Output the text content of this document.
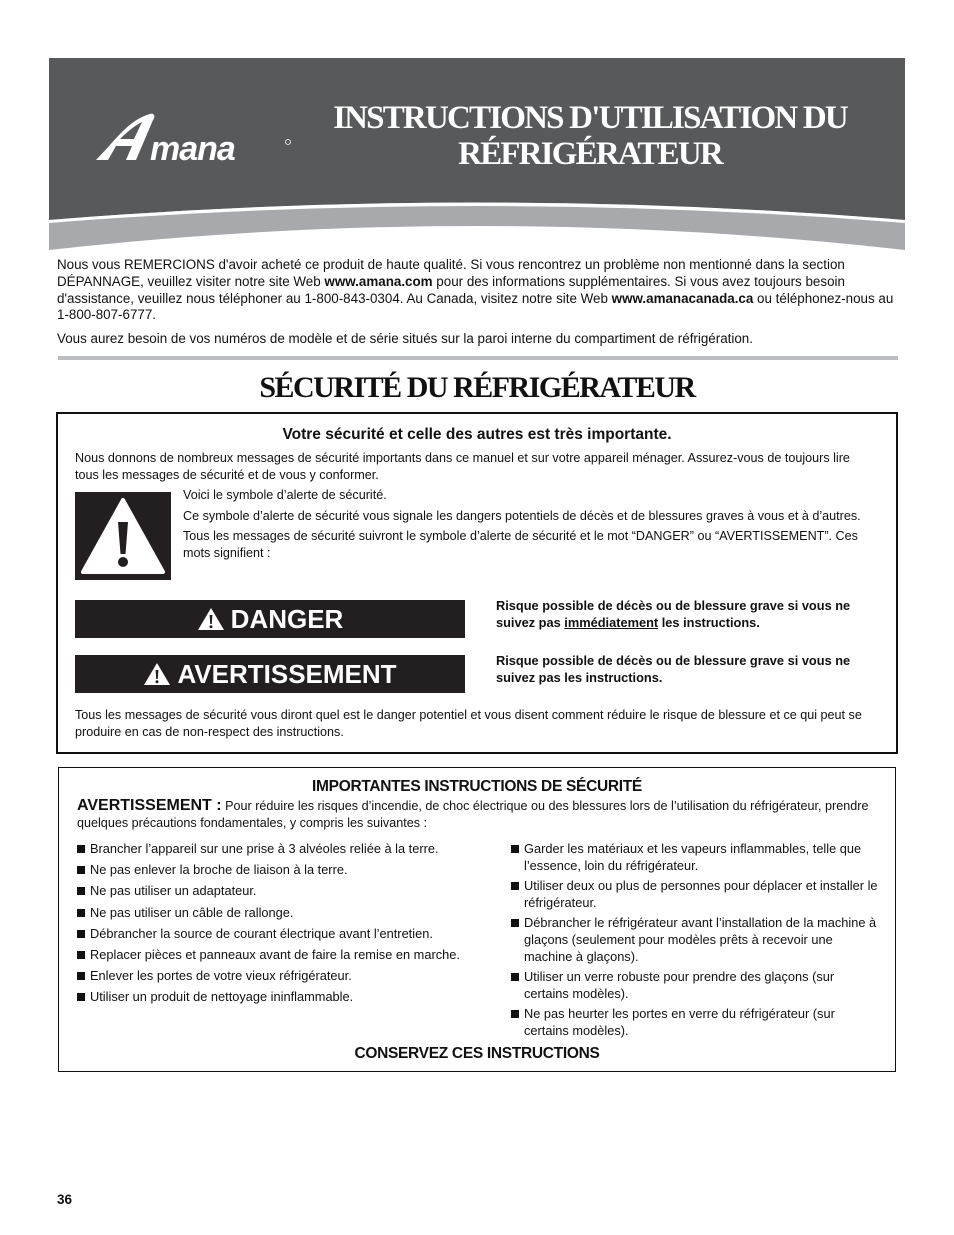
mana
INSTRUCTIONS D'UTILISATION DU RÉFRIGÉRATEUR

Nous vous REMERCIONS d'avoir acheté ce produit de haute qualité. Si vous rencontrez un problème non mentionné dans la section DÉPANNAGE, veuillez visiter notre site Web www.amana.com pour des informations supplémentaires. Si vous avez toujours besoin d'assistance, veuillez nous téléphoner au 1-800-843-0304. Au Canada, visitez notre site Web www.amanacanada.ca ou téléphonez-nous au 1-800-807-6777.

Vous aurez besoin de vos numéros de modèle et de série situés sur la paroi interne du compartiment de réfrigération.

SÉCURITÉ DU RÉFRIGÉRATEUR
Votre sécurité et celle des autres est très importante.

Nous donnons de nombreux messages de sécurité importants dans ce manuel et sur votre appareil ménager. Assurez-vous de toujours lire tous les messages de sécurité et de vous y conformer.

Voici le symbole d’alerte de sécurité.

Ce symbole d’alerte de sécurité vous signale les dangers potentiels de décès et de blessures graves à vous et à d’autres.

Tous les messages de sécurité suivront le symbole d’alerte de sécurité et le mot “DANGER” ou “AVERTISSEMENT”. Ces mots signifient :

DANGER	Risque possible de décès ou de blessure grave si vous ne suivez pas immédiatement les instructions.

AVERTISSEMENT	Risque possible de décès ou de blessure grave si vous ne suivez pas les instructions.

Tous les messages de sécurité vous diront quel est le danger potentiel et vous disent comment réduire le risque de blessure et ce qui peut se produire en cas de non-respect des instructions.

IMPORTANTES INSTRUCTIONS DE SÉCURITÉ

AVERTISSEMENT : Pour réduire les risques d’incendie, de choc électrique ou des blessures lors de l’utilisation du réfrigérateur, prendre quelques précautions fondamentales, y compris les suivantes :

Brancher l’appareil sur une prise à 3 alvéoles reliée à la terre.
Ne pas enlever la broche de liaison à la terre.
Ne pas utiliser un adaptateur.
Ne pas utiliser un câble de rallonge.
Débrancher la source de courant électrique avant l’entretien.
Replacer pièces et panneaux avant de faire la remise en marche.
Enlever les portes de votre vieux réfrigérateur.
Utiliser un produit de nettoyage ininflammable.
Garder les matériaux et les vapeurs inflammables, telle que l’essence, loin du réfrigérateur.
Utiliser deux ou plus de personnes pour déplacer et installer le réfrigérateur.
Débrancher le réfrigérateur avant l’installation de la machine à glaçons (seulement pour modèles prêts à recevoir une machine à glaçons).
Utiliser un verre robuste pour prendre des glaçons (sur certains modèles).
Ne pas heurter les portes en verre du réfrigérateur (sur certains modèles).
CONSERVEZ CES INSTRUCTIONS
36
